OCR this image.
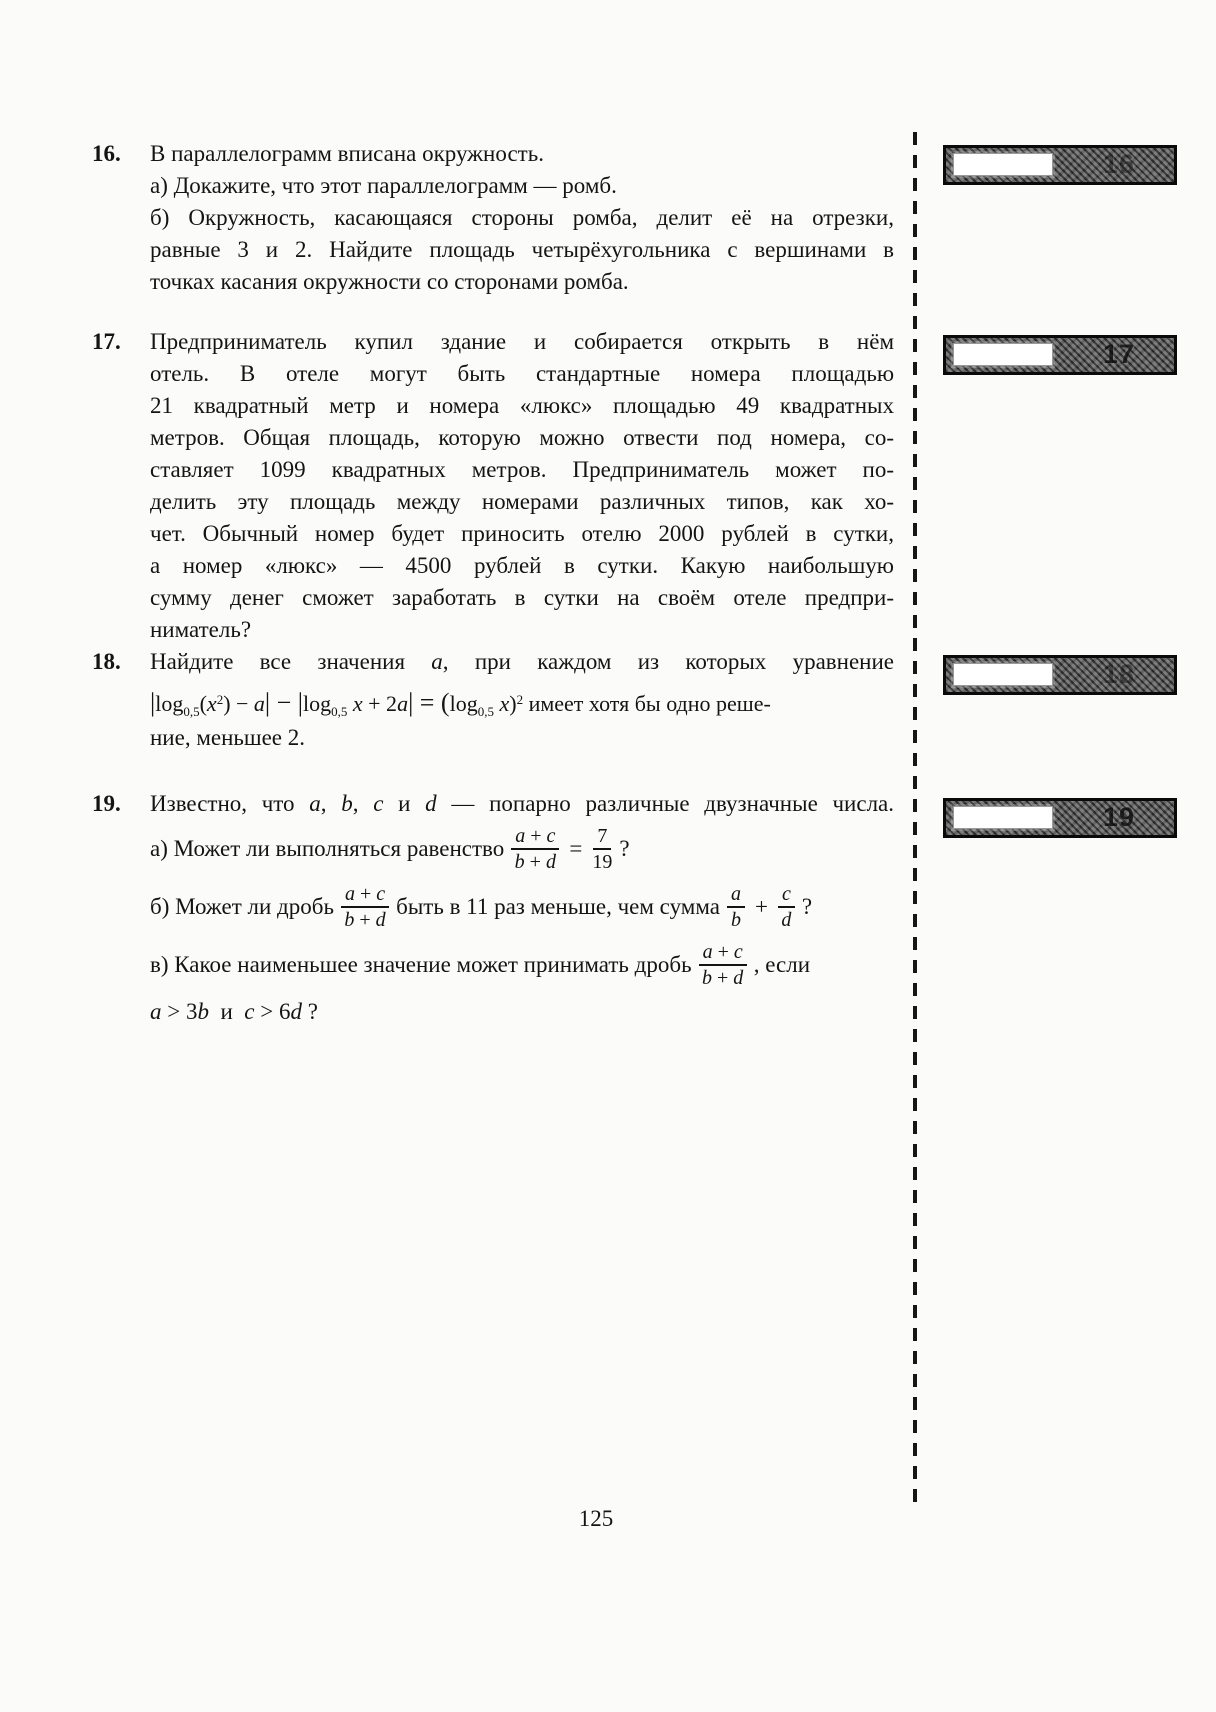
16.	В параллелограмм вписана окружность.
а) Докажите, что этот параллелограмм — ромб.
б) Окружность, касающаяся стороны ромба, делит её на отрезки,
равные 3 и 2. Найдите площадь четырёхугольника с вершинами в
точках касания окружности со сторонами ромба.
17.	Предприниматель купил здание и собирается открыть в нём
отель. В отеле могут быть стандартные номера площадью
21 квадратный метр и номера «люкс» площадью 49 квадратных
метров. Общая площадь, которую можно отвести под номера, со-
ставляет 1099 квадратных метров. Предприниматель может по-
делить эту площадь между номерами различных типов, как хо-
чет. Обычный номер будет приносить отелю 2000 рублей в сутки,
а номер «люкс» — 4500 рублей в сутки. Какую наибольшую
сумму денег сможет заработать в сутки на своём отеле предпри-
ниматель?
18.	Найдите все значения a, при каждом из которых уравнение
$|\log_{0,5}(x^2) - a| - |\log_{0,5}$ $x + 2a| = (\log_{0,5}$ x)$^2$ имеет хотя бы одно реше-
ние, меньшее 2.
19.	Известно, что a, b, c и d — попарно различные двузначные числа.
а) Может ли выполняться равенство $\frac{a + c}{b + d} = \frac{7}{19}$ ?
б) Может ли дробь $\frac{a + c}{b + d}$ быть в 11 раз меньше, чем сумма $\frac{a}{b} + \frac{c}{d}$ ?
в) Какое наименьшее значение может принимать дробь $\frac{a + c}{b + d}$ , если
a > 3b  и  c > 6d ?
16
17
18
19
125
